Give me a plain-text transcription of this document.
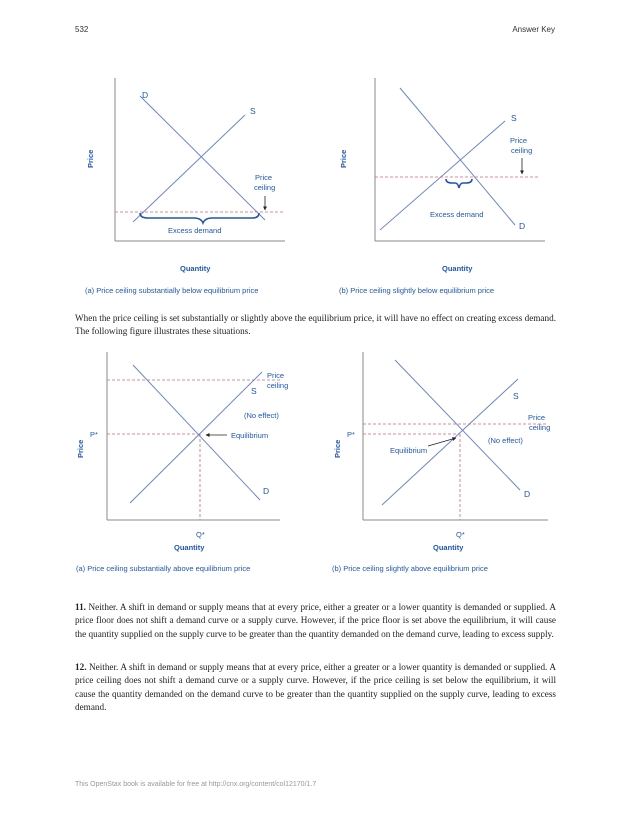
532	Answer Key
D
S
Price
ceiling
Excess demand
Price
Quantity
(a) Price ceiling substantially below equilibrium price
S
D
Price
ceiling
Excess demand
Price
Quantity
(b) Price ceiling slightly below equilibrium price
When the price ceiling is set substantially or slightly above the equilibrium price, it will have no effect on creating excess demand. The following figure illustrates these situations.
Price
ceiling
S
(No effect)
Equilibrium
P*
Q*
D
Price
Quantity
(a) Price ceiling substantially above equilibrium price
S
Price
ceiling
(No effect)
Equilibrium
P*
Q*
D
Price
Quantity
(b) Price ceiling slightly above equilibrium price
11. Neither. A shift in demand or supply means that at every price, either a greater or a lower quantity is demanded or supplied. A price floor does not shift a demand curve or a supply curve. However, if the price floor is set above the equilibrium, it will cause the quantity supplied on the supply curve to be greater than the quantity demanded on the demand curve, leading to excess supply.
12. Neither. A shift in demand or supply means that at every price, either a greater or a lower quantity is demanded or supplied. A price ceiling does not shift a demand curve or a supply curve. However, if the price ceiling is set below the equilibrium, it will cause the quantity demanded on the demand curve to be greater than the quantity supplied on the supply curve, leading to excess demand.
This OpenStax book is available for free at http://cnx.org/content/col12170/1.7
